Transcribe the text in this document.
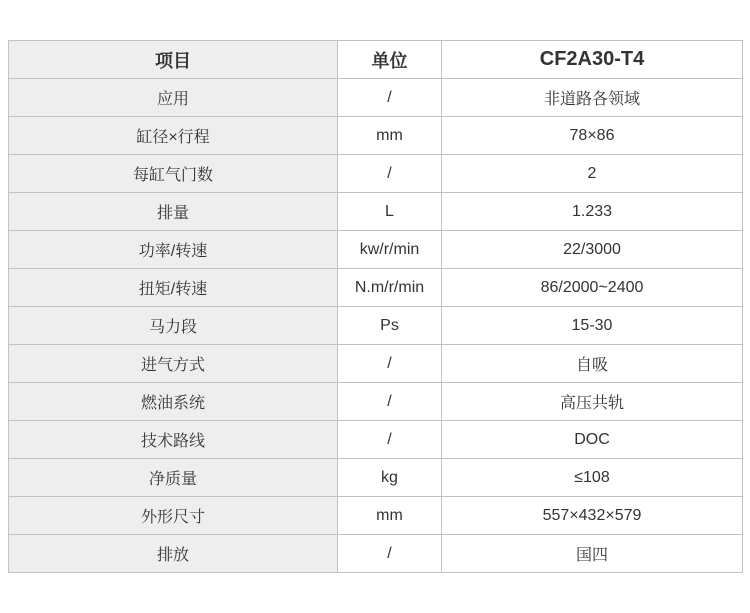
项目	单位	CF2A30-T4
应用	/	非道路各领域
缸径×行程	mm	78×86
每缸气门数	/	2
排量	L	1.233
功率/转速	kw/r/min	22/3000
扭矩/转速	N.m/r/min	86/2000~2400
马力段	Ps	15-30
进气方式	/	自吸
燃油系统	/	高压共轨
技术路线	/	DOC
净质量	kg	≤108
外形尺寸	mm	557×432×579
排放	/	国四
